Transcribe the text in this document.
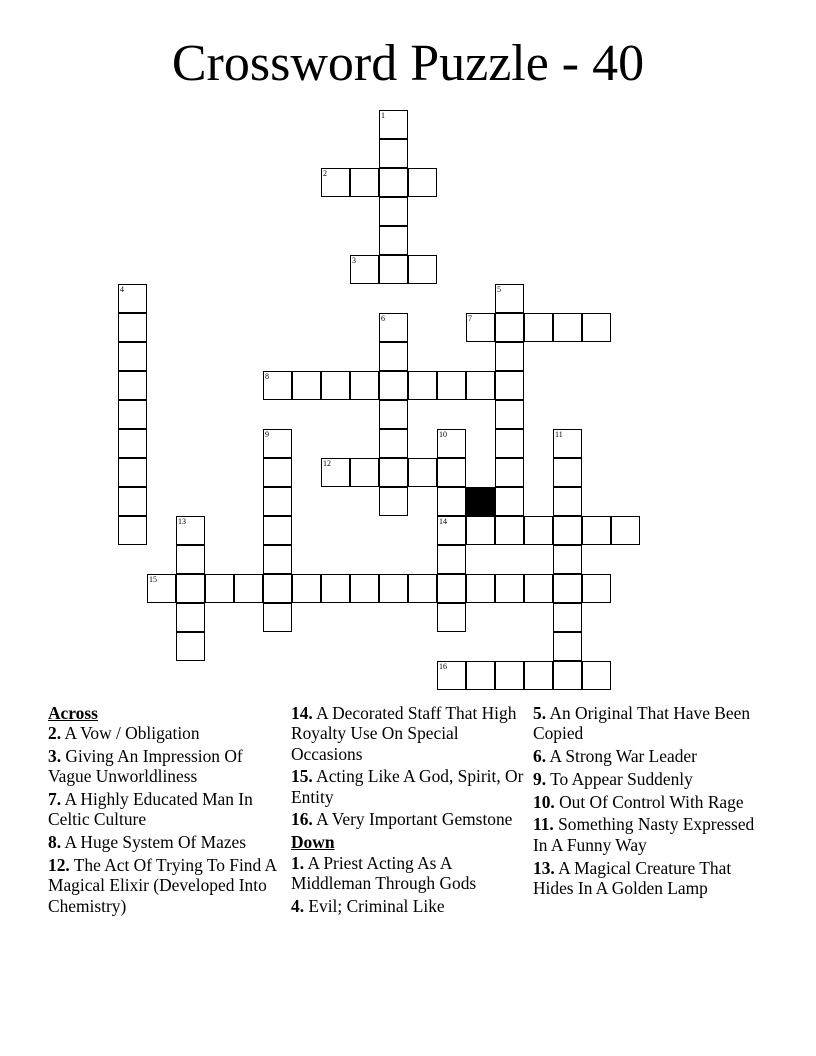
Crossword Puzzle - 40
1
2
3
4	5
6	7
8
9	10
14
11
12
13
15
16
Across
2. A Vow / Obligation
3. Giving An Impression Of Vague Unworldliness
7. A Highly Educated Man In Celtic Culture
8. A Huge System Of Mazes
12. The Act Of Trying To Find A Magical Elixir (Developed Into Chemistry)
14. A Decorated Staff That High Royalty Use On Special Occasions
15. Acting Like A God, Spirit, Or Entity
16. A Very Important Gemstone
Down
1. A Priest Acting As A Middleman Through Gods
4. Evil; Criminal Like
5. An Original That Have Been Copied
6. A Strong War Leader
9. To Appear Suddenly
10. Out Of Control With Rage
11. Something Nasty Expressed In A Funny Way
13. A Magical Creature That Hides In A Golden Lamp
